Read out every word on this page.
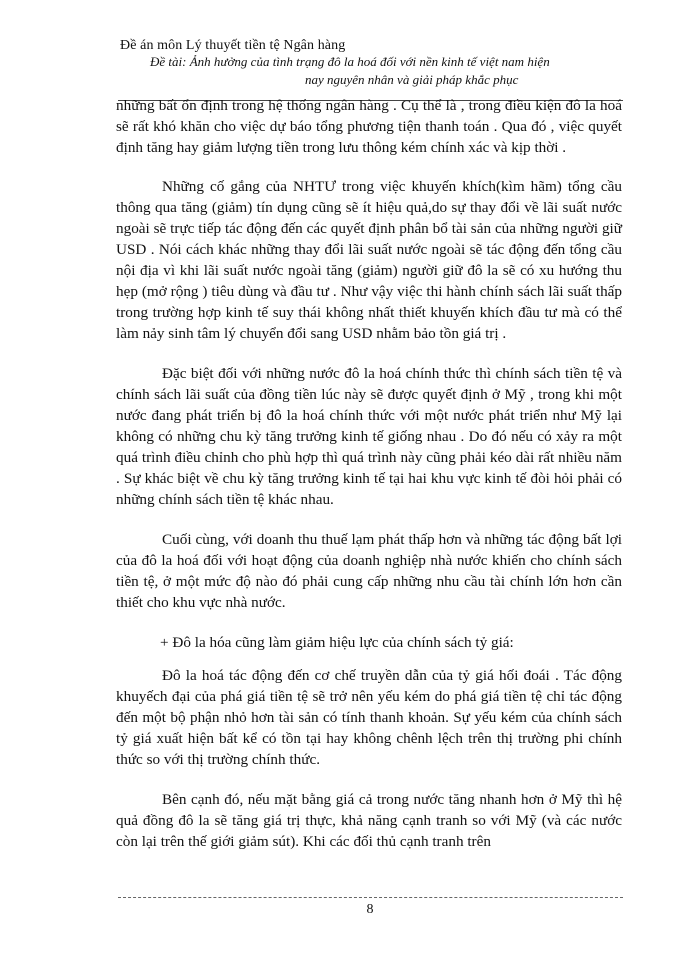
Đề án môn Lý thuyết tiền tệ Ngân hàng
Đề tài: Ảnh hưởng của tình trạng đô la hoá đối với nền kinh tế việt nam hiện
nay nguyên nhân và giải pháp khắc phục

những bất ổn định trong hệ thống ngân hàng . Cụ thể là , trong điều kiện đô la hoá sẽ rất khó khăn cho việc dự báo tổng phương tiện thanh toán . Qua đó , việc quyết định tăng hay giảm lượng tiền trong lưu thông kém chính xác và kịp thời .

Những cố gắng của NHTƯ trong việc khuyến khích(kìm hãm) tổng cầu thông qua tăng (giảm) tín dụng cũng sẽ ít hiệu quả,do sự thay đổi về lãi suất nước ngoài sẽ trực tiếp tác động đến các quyết định phân bổ tài sản của những người giữ USD . Nói cách khác những thay đổi lãi suất nước ngoài sẽ tác động đến tổng cầu nội địa vì khi lãi suất nước ngoài tăng (giảm) người giữ đô la sẽ có xu hướng thu hẹp (mở rộng ) tiêu dùng và đầu tư . Như vậy việc thi hành chính sách lãi suất thấp trong trường hợp kinh tế suy thái không nhất thiết khuyến khích đầu tư mà có thể làm nảy sinh tâm lý chuyển đổi sang USD nhằm bảo tồn giá trị .

Đặc biệt đối với những nước đô la hoá chính thức thì chính sách tiền tệ và chính sách lãi suất của đồng tiền lúc này sẽ được quyết định ở Mỹ , trong khi một nước đang phát triển bị đô la hoá chính thức với một nước phát triển như Mỹ lại không có những chu kỳ tăng trưởng kinh tế giống nhau . Do đó nếu có xảy ra một quá trình điều chỉnh cho phù hợp thì quá trình này cũng phải kéo dài rất nhiều năm . Sự khác biệt về chu kỳ tăng trưởng kinh tế tại hai khu vực kinh tế đòi hỏi phải có những chính sách tiền tệ khác nhau.

Cuối cùng, với doanh thu thuế lạm phát thấp hơn và những tác động bất lợi của đô la hoá đối với hoạt động của doanh nghiệp nhà nước khiến cho chính sách tiền tệ, ở một mức độ nào đó phải cung cấp những nhu cầu tài chính lớn hơn cần thiết cho khu vực nhà nước.

+ Đô la hóa cũng làm giảm hiệu lực của chính sách tỷ giá:

Đô la hoá tác động đến cơ chế truyền dẫn của tỷ giá hối đoái . Tác động khuyếch đại của phá giá tiền tệ sẽ trở nên yếu kém do phá giá tiền tệ chỉ tác động đến một bộ phận nhỏ hơn tài sản có tính thanh khoản. Sự yếu kém của chính sách tỷ giá xuất hiện bất kể có tồn tại hay không chênh lệch trên thị trường phi chính thức so với thị trường chính thức.

Bên cạnh đó, nếu mặt bằng giá cả trong nước tăng nhanh hơn ở Mỹ thì hệ quả đồng đô la sẽ tăng giá trị thực, khả năng cạnh tranh so với Mỹ (và các nước còn lại trên thế giới giảm sút). Khi các đối thủ cạnh tranh trên

8
